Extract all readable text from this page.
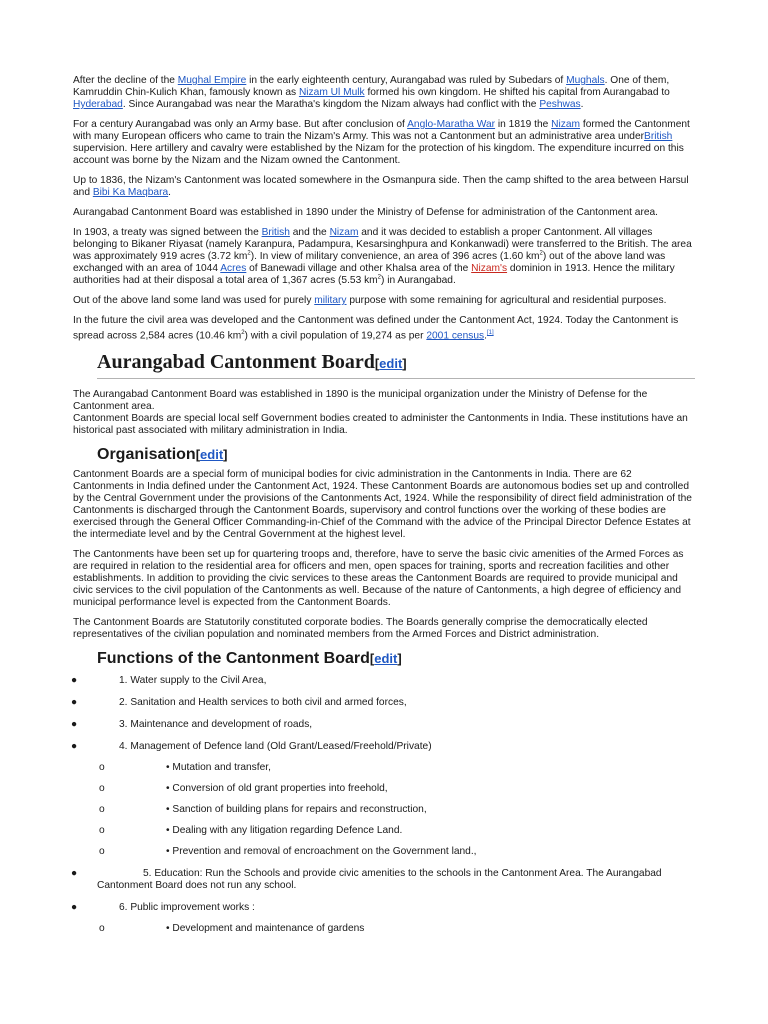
After the decline of the Mughal Empire in the early eighteenth century, Aurangabad was ruled by Subedars of Mughals. One of them, Kamruddin Chin-Kulich Khan, famously known as Nizam Ul Mulk formed his own kingdom. He shifted his capital from Aurangabad to Hyderabad. Since Aurangabad was near the Maratha's kingdom the Nizam always had conflict with the Peshwas.

For a century Aurangabad was only an Army base. But after conclusion of Anglo-Maratha War in 1819 the Nizam formed the Cantonment with many European officers who came to train the Nizam's Army. This was not a Cantonment but an administrative area underBritish supervision. Here artillery and cavalry were established by the Nizam for the protection of his kingdom. The expenditure incurred on this account was borne by the Nizam and the Nizam owned the Cantonment.

Up to 1836, the Nizam's Cantonment was located somewhere in the Osmanpura side. Then the camp shifted to the area between Harsul and Bibi Ka Maqbara.

Aurangabad Cantonment Board was established in 1890 under the Ministry of Defense for administration of the Cantonment area.

In 1903, a treaty was signed between the British and the Nizam and it was decided to establish a proper Cantonment. All villages belonging to Bikaner Riyasat (namely Karanpura, Padampura, Kesarsinghpura and Konkanwadi) were transferred to the British. The area was approximately 919 acres (3.72 $km^2$). In view of military convenience, an area of 396 acres (1.60 $km^2$) out of the above land was exchanged with an area of 1044 Acres of Banewadi village and other Khalsa area of the Nizam's dominion in 1913. Hence the military authorities had at their disposal a total area of 1,367 acres (5.53 $km^2$) in Aurangabad.

Out of the above land some land was used for purely military purpose with some remaining for agricultural and residential purposes.

In the future the civil area was developed and the Cantonment was defined under the Cantonment Act, 1924. Today the Cantonment is spread across 2,584 acres (10.46 $km^2$) with a civil population of 19,274 as per 2001 census.[1]

Aurangabad Cantonment Board[edit]

The Aurangabad Cantonment Board was established in 1890 is the municipal organization under the Ministry of Defense for the Cantonment area.

Cantonment Boards are special local self Government bodies created to administer the Cantonments in India. These institutions have an historical past associated with military administration in India.

Organisation[edit]

Cantonment Boards are a special form of municipal bodies for civic administration in the Cantonments in India. There are 62 Cantonments in India defined under the Cantonment Act, 1924. These Cantonment Boards are autonomous bodies set up and controlled by the Central Government under the provisions of the Cantonments Act, 1924. While the responsibility of direct field administration of the Cantonments is discharged through the Cantonment Boards, supervisory and control functions over the working of these bodies are exercised through the General Officer Commanding-in-Chief of the Command with the advice of the Principal Director Defence Estates at the intermediate level and by the Central Government at the highest level.

The Cantonments have been set up for quartering troops and, therefore, have to serve the basic civic amenities of the Armed Forces as are required in relation to the residential area for officers and men, open spaces for training, sports and recreation facilities and other establishments. In addition to providing the civic services to these areas the Cantonment Boards are required to provide municipal and civic services to the civil population of the Cantonments as well. Because of the nature of Cantonments, a high degree of efficiency and municipal performance level is expected from the Cantonment Boards.

The Cantonment Boards are Statutorily constituted corporate bodies. The Boards generally comprise the democratically elected representatives of the civilian population and nominated members from the Armed Forces and District administration.

Functions of the Cantonment Board[edit]
●	1. Water supply to the Civil Area,
●	2. Sanitation and Health services to both civil and armed forces,
●	3. Maintenance and development of roads,
●	4. Management of Defence land (Old Grant/Leased/Freehold/Private)
o	• Mutation and transfer,
o	• Conversion of old grant properties into freehold,
o	• Sanction of building plans for repairs and reconstruction,
o	• Dealing with any litigation regarding Defence Land.
o	• Prevention and removal of encroachment on the Government land.,
●	5. Education: Run the Schools and provide civic amenities to the schools in the Cantonment Area. The Aurangabad Cantonment Board does not run any school.
●	6. Public improvement works :
o	• Development and maintenance of gardens
